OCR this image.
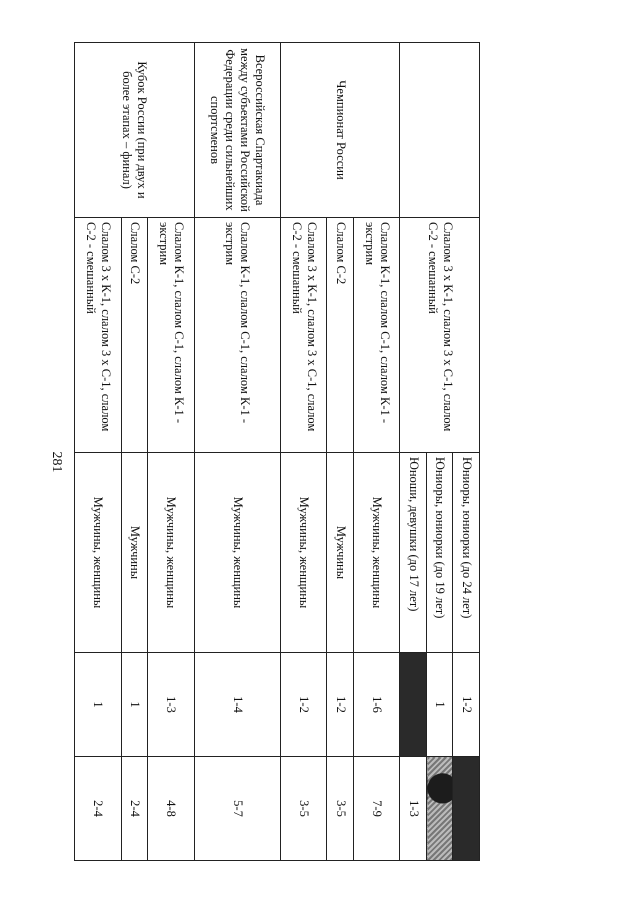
281
	Слалом 3 х К-1, слалом 3 х С-1, слалом С-2 - смешанный	Юниоры, юниорки (до 24 лет)	1-2	
		Юниоры, юниорки (до 19 лет)	1	
		Юноши, девушки (до 17 лет)		1-3
Чемпионат России	Слалом К-1, слалом С-1, слалом К-1 - экстрим	Мужчины, женщины	1-6	7-9
	Слалом С-2	Мужчины	1-2	3-5
	Слалом 3 х К-1, слалом 3 х С-1, слалом С-2 - смешанный	Мужчины, женщины	1-2	3-5
Всероссийская Спартакиада между субъектами Российской Федерации среди сильнейших спортсменов	Слалом К-1, слалом С-1, слалом К-1 - экстрим	Мужчины, женщины	1-4	5-7
Кубок России (при двух и более этапах – финал)	Слалом К-1, слалом С-1, слалом К-1 - экстрим	Мужчины, женщины	1-3	4-8
	Слалом С-2	Мужчины	1	2-4
	Слалом 3 х К-1, слалом 3 х С-1, слалом С-2 - смешанный	Мужчины, женщины	1	2-4
